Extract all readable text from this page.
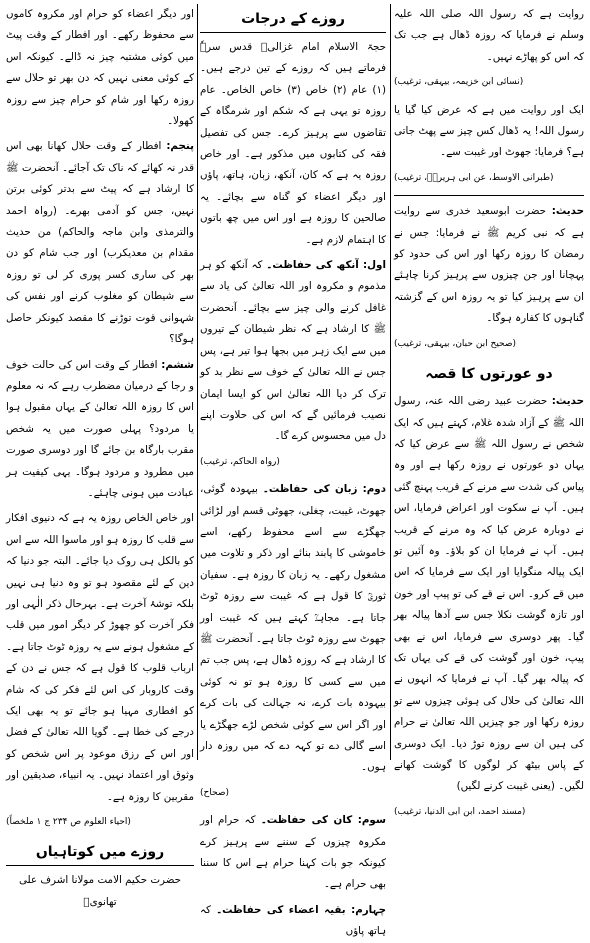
روایت ہے کہ رسول اللہ صلی اللہ علیہ وسلم نے فرمایا کہ روزہ ڈھال ہے جب تک کہ اس کو پھاڑے نہیں۔

(نسائی ابن خزیمہ، بیہقی، ترغیب)

ایک اور روایت میں ہے کہ عرض کیا گیا یا رسول اللہ! یہ ڈھال کس چیز سے پھٹ جاتی ہے؟ فرمایا: جھوٹ اور غیبت سے۔

(طبرانی الاوسط، عن ابی ہریرہؓ، ترغیب)

حدیث: حضرت ابوسعید خدری سے روایت ہے کہ نبی کریم ﷺ نے فرمایا: جس نے رمضان کا روزہ رکھا اور اس کی حدود کو پہچانا اور جن چیزوں سے پرہیز کرنا چاہئے ان سے پرہیز کیا تو یہ روزہ اس کے گزشتہ گناہوں کا کفارہ ہوگا۔

(صحیح ابن حبان، بیہقی، ترغیب)

دو عورتوں کا قصہ

حدیث: حضرت عبید رضی اللہ عنہ، رسول اللہ ﷺ کے آزاد شدہ غلام، کہتے ہیں کہ ایک شخص نے رسول اللہ ﷺ سے عرض کیا کہ یہاں دو عورتوں نے روزہ رکھا ہے اور وہ پیاس کی شدت سے مرنے کے قریب پہنچ گئی ہیں۔ آپ نے سکوت اور اعراض فرمایا، اس نے دوبارہ عرض کیا کہ وہ مرنے کے قریب ہیں۔ آپ نے فرمایا ان کو بلاؤ۔ وہ آئیں تو ایک پیالہ منگوایا اور ایک سے فرمایا کہ اس میں قے کرو۔ اس نے قے کی تو پیپ اور خون اور تازہ گوشت نکلا جس سے آدھا پیالہ بھر گیا۔ پھر دوسری سے فرمایا، اس نے بھی پیپ، خون اور گوشت کی قے کی یہاں تک کہ پیالہ بھر گیا۔ آپ نے فرمایا کہ انہوں نے اللہ تعالیٰ کی حلال کی ہوئی چیزوں سے تو روزہ رکھا اور جو چیزیں اللہ تعالیٰ نے حرام کی ہیں ان سے روزہ توڑ دیا۔ ایک دوسری کے پاس بیٹھ کر لوگوں کا گوشت کھانے لگیں۔ (یعنی غیبت کرنے لگیں)

(مسند احمد، ابن ابی الدنیا، ترغیب)

روزے کے درجات

حجۃ الاسلام امام غزالیؒ قدس سرہٗ فرماتے ہیں کہ روزے کے تین درجے ہیں۔ (۱) عام (۲) خاص (۳) خاص الخاص۔ عام روزہ تو یہی ہے کہ شکم اور شرمگاہ کے تقاضوں سے پرہیز کرے۔ جس کی تفصیل فقہ کی کتابوں میں مذکور ہے۔ اور خاص روزہ یہ ہے کہ کان، آنکھ، زبان، ہاتھ، پاؤں اور دیگر اعضاء کو گناہ سے بچائے۔ یہ صالحین کا روزہ ہے اور اس میں چھ باتوں کا اہتمام لازم ہے۔

اول: آنکھ کی حفاظت۔ کہ آنکھ کو ہر مذموم و مکروہ اور اللہ تعالیٰ کی یاد سے غافل کرنے والی چیز سے بچائے۔ آنحضرت ﷺ کا ارشاد ہے کہ نظر شیطان کے تیروں میں سے ایک زہر میں بجھا ہوا تیر ہے، پس جس نے اللہ تعالیٰ کے خوف سے نظر بد کو ترک کر دیا اللہ تعالیٰ اس کو ایسا ایمان نصیب فرمائیں گے کہ اس کی حلاوت اپنے دل میں محسوس کرے گا۔

(رواہ الحاکم، ترغیب)

دوم: زبان کی حفاظت۔ بیہودہ گوئی، جھوٹ، غیبت، چغلی، جھوٹی قسم اور لڑائی جھگڑے سے اسے محفوظ رکھے، اسے خاموشی کا پابند بنائے اور ذکر و تلاوت میں مشغول رکھے۔ یہ زبان کا روزہ ہے۔ سفیان ثوریؒ کا قول ہے کہ غیبت سے روزہ ٹوٹ جاتا ہے۔ مجاہدؒ کہتے ہیں کہ غیبت اور جھوٹ سے روزہ ٹوٹ جاتا ہے۔ آنحضرت ﷺ کا ارشاد ہے کہ روزہ ڈھال ہے، پس جب تم میں سے کسی کا روزہ ہو تو نہ کوئی بیہودہ بات کرے، نہ جہالت کی بات کرے اور اگر اس سے کوئی شخص لڑے جھگڑے یا اسے گالی دے تو کہہ دے کہ میں روزہ دار ہوں۔

(صحاح)

سوم: کان کی حفاظت۔ کہ حرام اور مکروہ چیزوں کے سننے سے پرہیز کرے کیونکہ جو بات کہنا حرام ہے اس کا سننا بھی حرام ہے۔

چہارم: بقیہ اعضاء کی حفاظت۔ کہ ہاتھ پاؤں

اور دیگر اعضاء کو حرام اور مکروہ کاموں سے محفوظ رکھے۔ اور افطار کے وقت پیٹ میں کوئی مشتبہ چیز نہ ڈالے۔ کیونکہ اس کے کوئی معنی نہیں کہ دن بھر تو حلال سے روزہ رکھا اور شام کو حرام چیز سے روزہ کھولا۔

پنجم: افطار کے وقت حلال کھانا بھی اس قدر نہ کھائے کہ ناک تک آجائے۔ آنحضرت ﷺ کا ارشاد ہے کہ پیٹ سے بدتر کوئی برتن نہیں، جس کو آدمی بھرے۔ (رواہ احمد والترمذی وابن ماجہ والحاکم) من حدیث مقدام بن معدیکرب) اور جب شام کو دن بھر کی ساری کسر پوری کر لی تو روزہ سے شیطان کو مغلوب کرنے اور نفس کی شہوانی قوت توڑنے کا مقصد کیونکر حاصل ہوگا؟

ششم: افطار کے وقت اس کی حالت خوف و رجا کے درمیان مضطرب رہے کہ نہ معلوم اس کا روزہ اللہ تعالیٰ کے یہاں مقبول ہوا یا مردود؟ پہلی صورت میں یہ شخص مقرب بارگاہ بن جائے گا اور دوسری صورت میں مطرود و مردود ہوگا۔ یہی کیفیت ہر عبادت میں ہونی چاہئے۔

اور خاص الخاص روزہ یہ ہے کہ دنیوی افکار سے قلب کا روزہ ہو اور ماسوا اللہ سے اس کو بالکل ہی روک دیا جائے۔ البتہ جو دنیا کہ دین کے لئے مقصود ہو تو وہ دنیا ہی نہیں بلکہ توشۂ آخرت ہے۔ بہرحال ذکر الٰہی اور فکر آخرت کو چھوڑ کر دیگر امور میں قلب کے مشغول ہونے سے یہ روزہ ٹوٹ جاتا ہے۔ ارباب قلوب کا قول ہے کہ جس نے دن کے وقت کاروبار کی اس لئے فکر کی کہ شام کو افطاری مہیا ہو جائے تو یہ بھی ایک درجے کی خطا ہے۔ گویا اللہ تعالیٰ کے فضل اور اس کے رزق موعود پر اس شخص کو وثوق اور اعتماد نہیں۔ یہ انبیاء، صدیقین اور مقربین کا روزہ ہے۔

(احیاء العلوم ص ۲۳۴ ج ۱ ملخصاً)

روزے میں کوتاہیاں

حضرت حکیم الامت مولانا اشرف علی تھانویؒ
